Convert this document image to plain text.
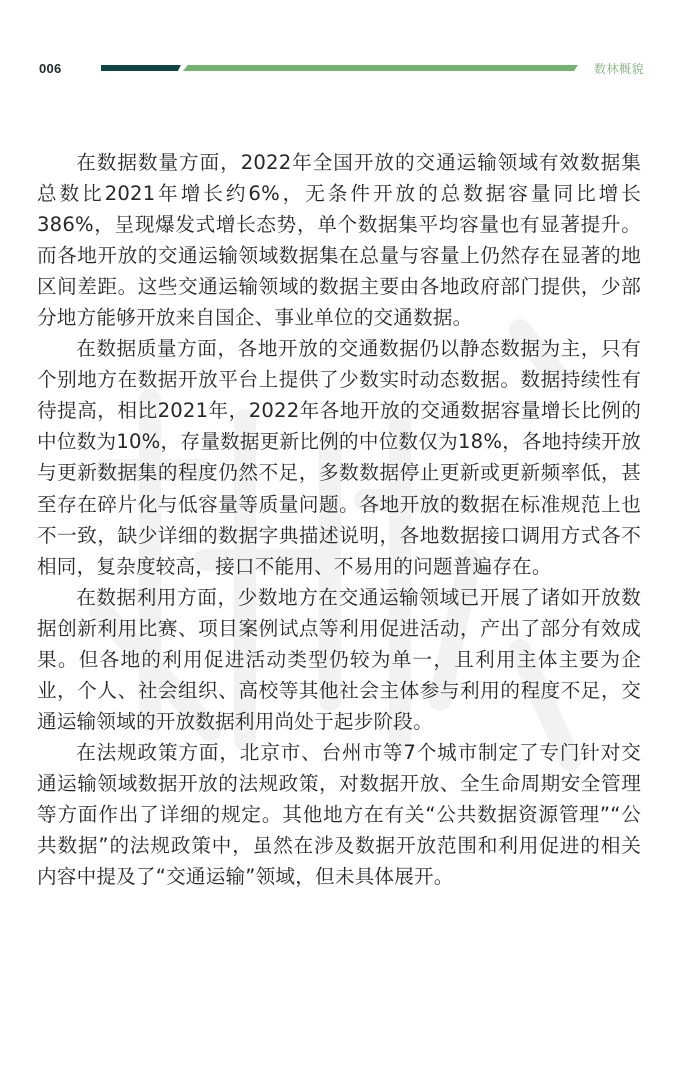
006	数林概貌

在数据数量方面，2022年全国开放的交通运输领域有效数据集总数比2021年增长约6%，无条件开放的总数据容量同比增长386%，呈现爆发式增长态势，单个数据集平均容量也有显著提升。而各地开放的交通运输领域数据集在总量与容量上仍然存在显著的地区间差距。这些交通运输领域的数据主要由各地政府部门提供，少部分地方能够开放来自国企、事业单位的交通数据。

在数据质量方面，各地开放的交通数据仍以静态数据为主，只有个别地方在数据开放平台上提供了少数实时动态数据。数据持续性有待提高，相比2021年，2022年各地开放的交通数据容量增长比例的中位数为10%，存量数据更新比例的中位数仅为18%，各地持续开放与更新数据集的程度仍然不足，多数数据停止更新或更新频率低，甚至存在碎片化与低容量等质量问题。各地开放的数据在标准规范上也不一致，缺少详细的数据字典描述说明，各地数据接口调用方式各不相同，复杂度较高，接口不能用、不易用的问题普遍存在。

在数据利用方面，少数地方在交通运输领域已开展了诸如开放数据创新利用比赛、项目案例试点等利用促进活动，产出了部分有效成果。但各地的利用促进活动类型仍较为单一，且利用主体主要为企业，个人、社会组织、高校等其他社会主体参与利用的程度不足，交通运输领域的开放数据利用尚处于起步阶段。

在法规政策方面，北京市、台州市等7个城市制定了专门针对交通运输领域数据开放的法规政策，对数据开放、全生命周期安全管理等方面作出了详细的规定。其他地方在有关“公共数据资源管理”“公共数据”的法规政策中，虽然在涉及数据开放范围和利用促进的相关内容中提及了“交通运输”领域，但未具体展开。
